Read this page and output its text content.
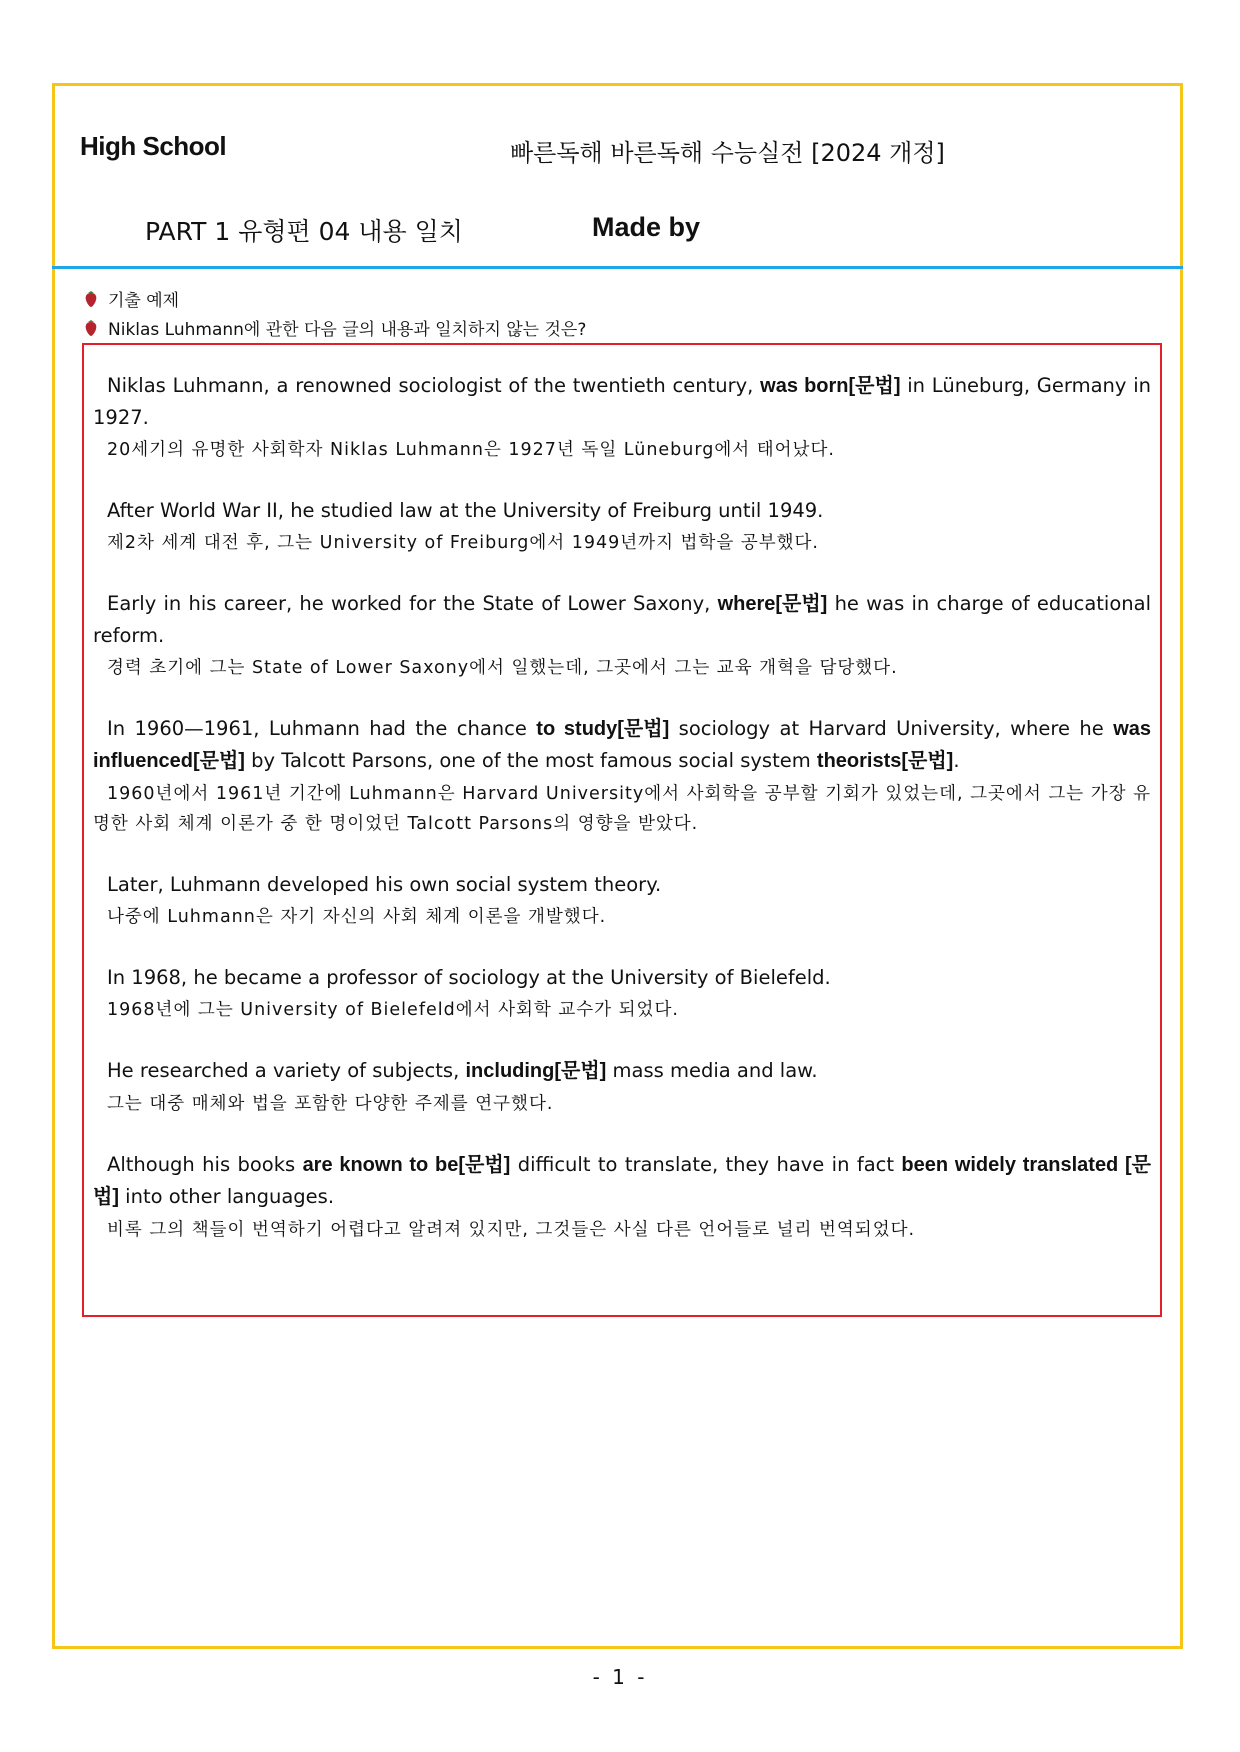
High School	빠른독해 바른독해 수능실전 [2024 개정]
PART 1 유형편 04 내용 일치	Made by
기출 예제
Niklas Luhmann에 관한 다음 글의 내용과 일치하지 않는 것은?

Niklas Luhmann, a renowned sociologist of the twentieth century, was born[문법] in Lüneburg, Germany in 1927.

20세기의 유명한 사회학자 Niklas Luhmann은 1927년 독일 Lüneburg에서 태어났다.

After World War II, he studied law at the University of Freiburg until 1949.

제2차 세계 대전 후, 그는 University of Freiburg에서 1949년까지 법학을 공부했다.

Early in his career, he worked for the State of Lower Saxony, where[문법] he was in charge of educational reform.

경력 초기에 그는 State of Lower Saxony에서 일했는데, 그곳에서 그는 교육 개혁을 담당했다.

In 1960—1961, Luhmann had the chance to study[문법] sociology at Harvard University, where he was influenced[문법] by Talcott Parsons, one of the most famous social system theorists[문법].

1960년에서 1961년 기간에 Luhmann은 Harvard University에서 사회학을 공부할 기회가 있었는데, 그곳에서 그는 가장 유명한 사회 체계 이론가 중 한 명이었던 Talcott Parsons의 영향을 받았다.

Later, Luhmann developed his own social system theory.

나중에 Luhmann은 자기 자신의 사회 체계 이론을 개발했다.

In 1968, he became a professor of sociology at the University of Bielefeld.

1968년에 그는 University of Bielefeld에서 사회학 교수가 되었다.

He researched a variety of subjects, including[문법] mass media and law.

그는 대중 매체와 법을 포함한 다양한 주제를 연구했다.

Although his books are known to be[문법] difficult to translate, they have in fact been widely translated [문법] into other languages.

비록 그의 책들이 번역하기 어렵다고 알려져 있지만, 그것들은 사실 다른 언어들로 널리 번역되었다.

- 1 -
